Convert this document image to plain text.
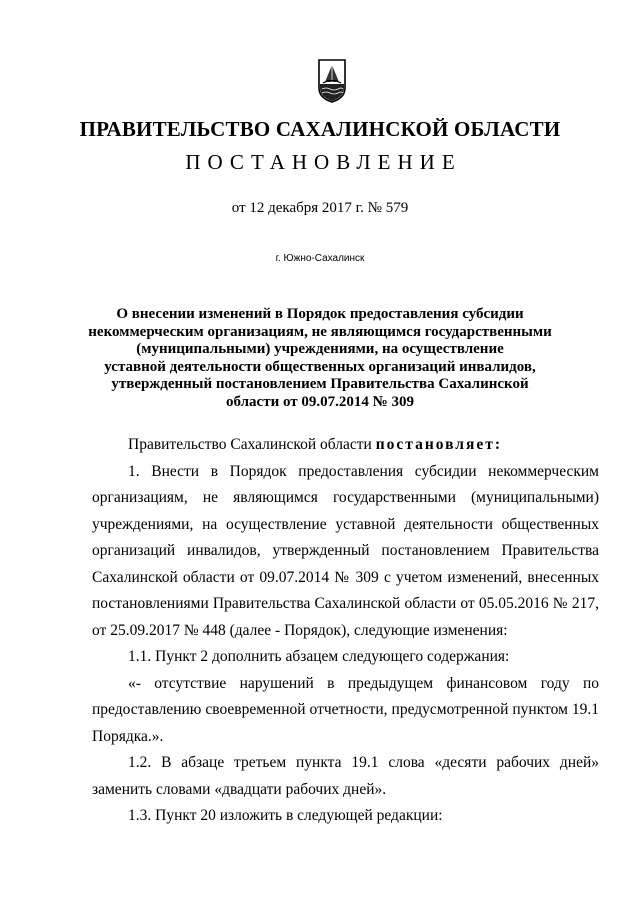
ПРАВИТЕЛЬСТВО САХАЛИНСКОЙ ОБЛАСТИ
ПОСТАНОВЛЕНИЕ
от 12 декабря 2017 г. № 579
г. Южно-Сахалинск
О внесении изменений в Порядок предоставления субсидии
некоммерческим организациям, не являющимся государственными
(муниципальными) учреждениями, на осуществление
уставной деятельности общественных организаций инвалидов,
утвержденный постановлением Правительства Сахалинской
области от 09.07.2014 № 309
Правительство Сахалинской области постановляет:
1. Внести в Порядок предоставления субсидии некоммерческим
организациям, не являющимся государственными (муниципальными)
учреждениями, на осуществление уставной деятельности общественных
организаций инвалидов, утвержденный постановлением Правительства
Сахалинской области от 09.07.2014 № 309 с учетом изменений, внесенных
постановлениями Правительства Сахалинской области от 05.05.2016 № 217,
от 25.09.2017 № 448 (далее - Порядок), следующие изменения:
1.1. Пункт 2 дополнить абзацем следующего содержания:
«- отсутствие нарушений в предыдущем финансовом году по
предоставлению своевременной отчетности, предусмотренной пунктом 19.1
Порядка.».
1.2. В абзаце третьем пункта 19.1 слова «десяти рабочих дней»
заменить словами «двадцати рабочих дней».
1.3. Пункт 20 изложить в следующей редакции:
